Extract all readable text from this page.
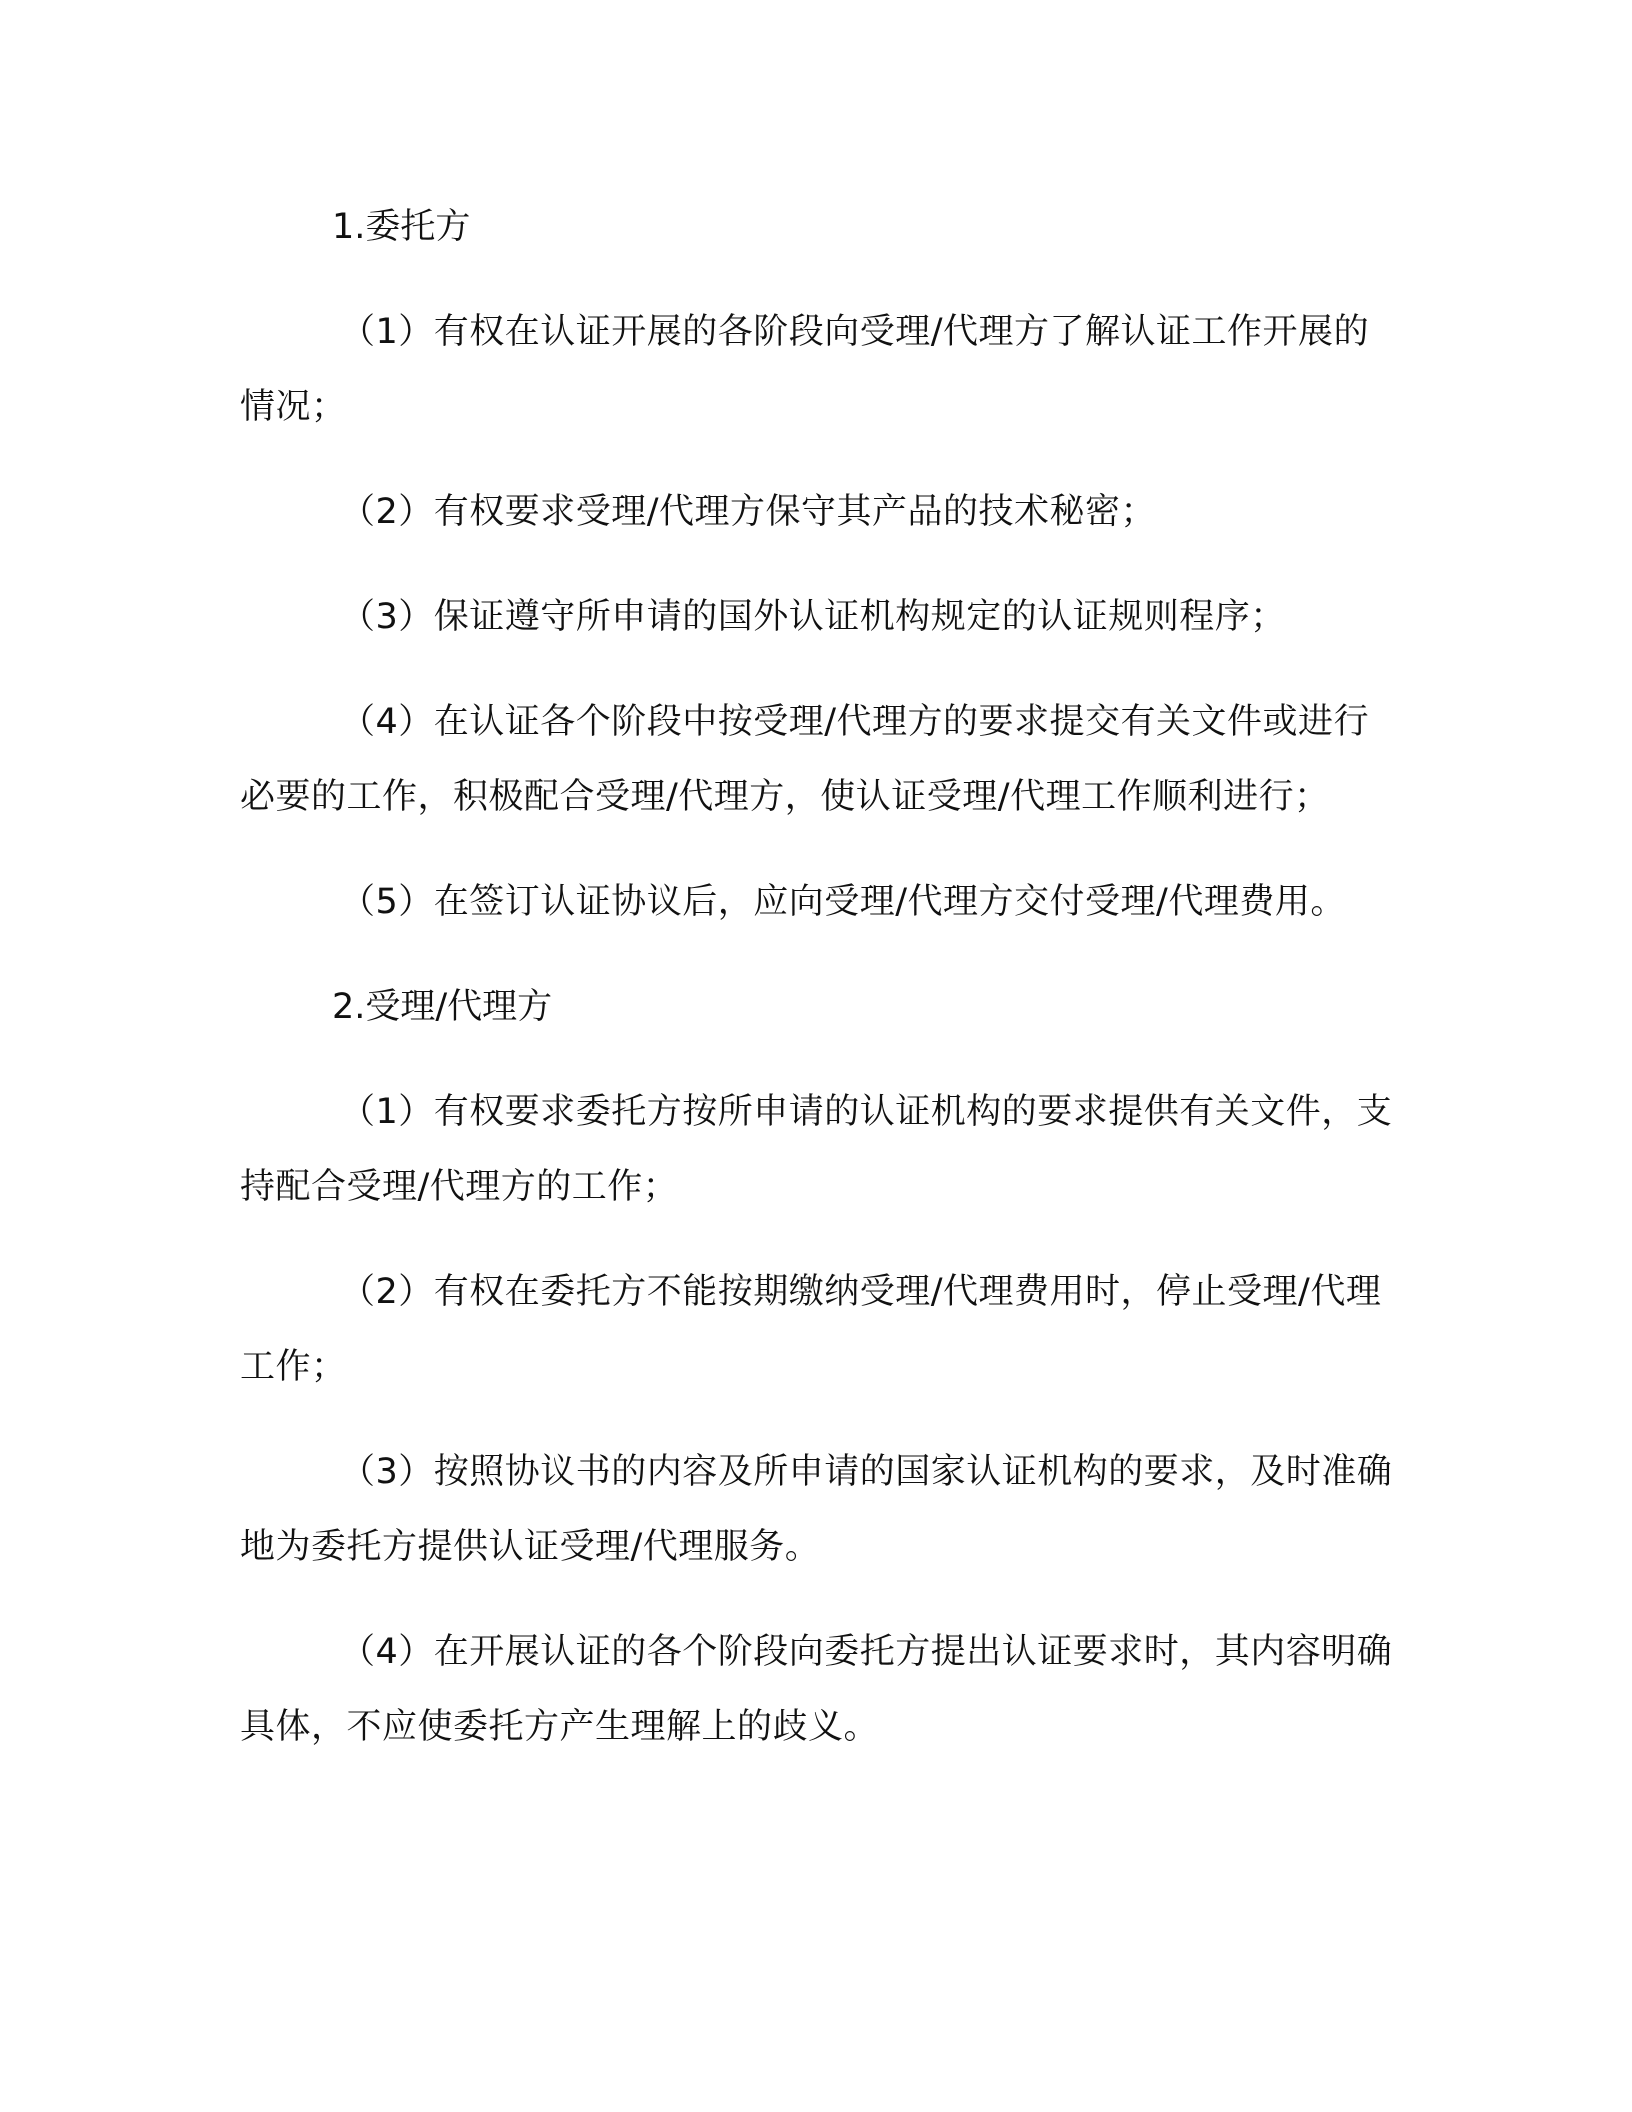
1.委托方

（1）有权在认证开展的各阶段向受理/代理方了解认证工作开展的情况；

（2）有权要求受理/代理方保守其产品的技术秘密；

（3）保证遵守所申请的国外认证机构规定的认证规则程序；

（4）在认证各个阶段中按受理/代理方的要求提交有关文件或进行必要的工作，积极配合受理/代理方，使认证受理/代理工作顺利进行；

（5）在签订认证协议后，应向受理/代理方交付受理/代理费用。

2.受理/代理方

（1）有权要求委托方按所申请的认证机构的要求提供有关文件，支持配合受理/代理方的工作；

（2）有权在委托方不能按期缴纳受理/代理费用时，停止受理/代理工作；

（3）按照协议书的内容及所申请的国家认证机构的要求，及时准确地为委托方提供认证受理/代理服务。

（4）在开展认证的各个阶段向委托方提出认证要求时，其内容明确具体，不应使委托方产生理解上的歧义。
